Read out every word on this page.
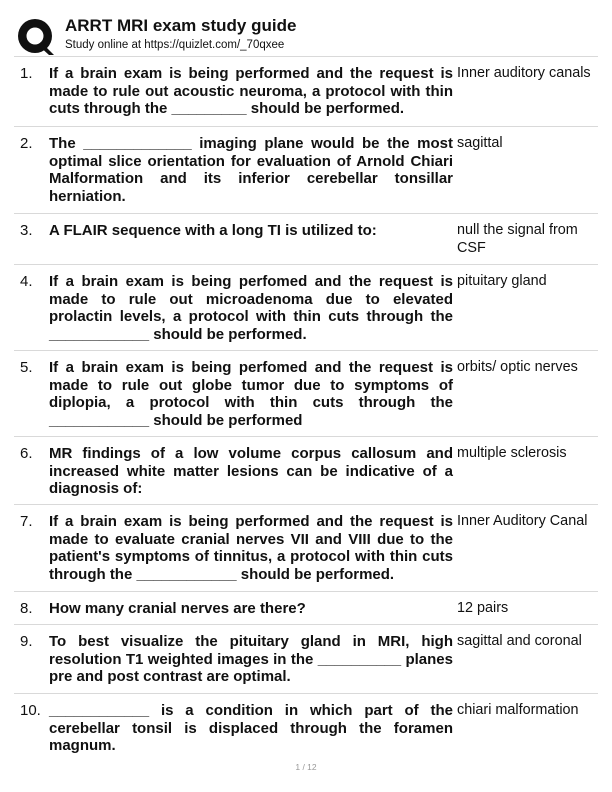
ARRT MRI exam study guide
Study online at https://quizlet.com/_70qxee
1. If a brain exam is being performed and the request is made to rule out acoustic neuroma, a protocol with thin cuts through the _________ should be performed.
Inner auditory canals
2. The _____________ imaging plane would be the most optimal slice orientation for evaluation of Arnold Chiari Malformation and its inferior cerebellar tonsillar herniation.
sagittal
3. A FLAIR sequence with a long TI is utilized to:	null the signal from CSF
4. If a brain exam is being perfomed and the request is made to rule out microadenoma due to elevated prolactin levels, a protocol with thin cuts through the ____________ should be performed.
pituitary gland
5. If a brain exam is being perfomed and the request is made to rule out globe tumor due to symptoms of diplopia, a protocol with thin cuts through the ____________ should be performed
orbits/ optic nerves
6. MR findings of a low volume corpus callosum and increased white matter lesions can be indicative of a diagnosis of:
multiple sclerosis
7. If a brain exam is being performed and the request is made to evaluate cranial nerves VII and VIII due to the patient's symptoms of tinnitus, a protocol with thin cuts through the ____________ should be performed.
Inner Auditory Canal
8. How many cranial nerves are there?	12 pairs
9. To best visualize the pituitary gland in MRI, high resolution T1 weighted images in the __________ planes pre and post contrast are optimal.
sagittal and coronal
10. ____________ is a condition in which part of the cerebellar tonsil is displaced through the foramen magnum.
chiari malformation
1 / 12
